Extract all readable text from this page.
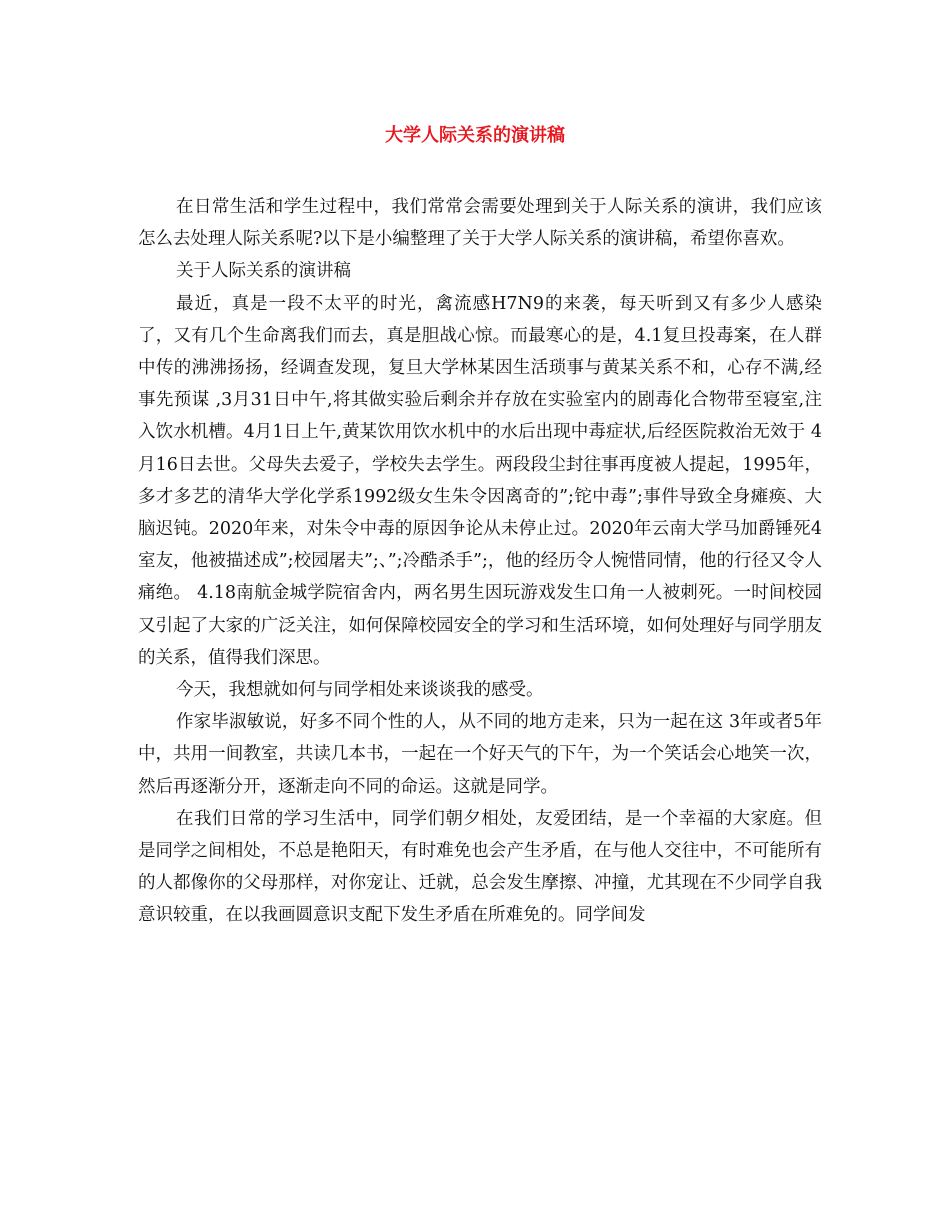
大学人际关系的演讲稿

在日常生活和学生过程中，我们常常会需要处理到关于人际关系的演讲，我们应该怎么去处理人际关系呢?以下是小编整理了关于大学人际关系的演讲稿，希望你喜欢。

关于人际关系的演讲稿

最近，真是一段不太平的时光，禽流感H7N9的来袭，每天听到又有多少人感染了，又有几个生命离我们而去，真是胆战心惊。而最寒心的是，4.1复旦投毒案，在人群中传的沸沸扬扬，经调查发现，复旦大学林某因生活琐事与黄某关系不和，心存不满,经事先预谋 ,3月31日中午,将其做实验后剩余并存放在实验室内的剧毒化合物带至寝室,注入饮水机槽。4月1日上午,黄某饮用饮水机中的水后出现中毒症状,后经医院救治无效于 4月16日去世。父母失去爱子，学校失去学生。两段段尘封往事再度被人提起，1995年，多才多艺的清华大学化学系1992级女生朱令因离奇的”;铊中毒”;事件导致全身瘫痪、大脑迟钝。2020年来，对朱令中毒的原因争论从未停止过。2020年云南大学马加爵锤死4室友，他被描述成”;校园屠夫”;、”;冷酷杀手”;，他的经历令人惋惜同情，他的行径又令人痛绝。 4.18南航金城学院宿舍内，两名男生因玩游戏发生口角一人被刺死。一时间校园又引起了大家的广泛关注，如何保障校园安全的学习和生活环境，如何处理好与同学朋友的关系，值得我们深思。

今天，我想就如何与同学相处来谈谈我的感受。

作家毕淑敏说，好多不同个性的人，从不同的地方走来，只为一起在这 3年或者5年中，共用一间教室，共读几本书，一起在一个好天气的下午，为一个笑话会心地笑一次，然后再逐渐分开，逐渐走向不同的命运。这就是同学。

在我们日常的学习生活中，同学们朝夕相处，友爱团结，是一个幸福的大家庭。但是同学之间相处，不总是艳阳天，有时难免也会产生矛盾，在与他人交往中，不可能所有的人都像你的父母那样，对你宠让、迁就，总会发生摩擦、冲撞，尤其现在不少同学自我意识较重，在以我画圆意识支配下发生矛盾在所难免的。同学间发
